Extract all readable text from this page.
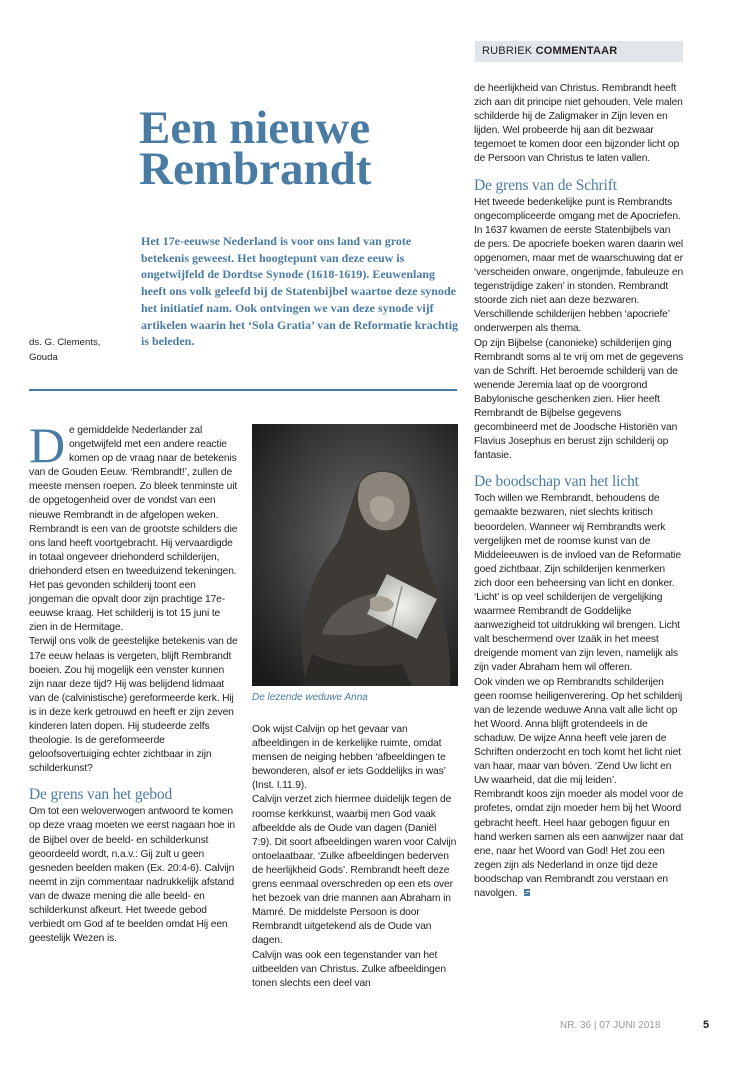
RUBRIEK COMMENTAAR
Een nieuwe
Rembrandt

Het 17e-eeuwse Nederland is voor ons land van grote betekenis geweest. Het hoogtepunt van deze eeuw is ongetwijfeld de Dordtse Synode (1618-1619). Eeuwenlang heeft ons volk geleefd bij de Statenbijbel waartoe deze synode het initiatief nam. Ook ontvingen we van deze synode vijf artikelen waarin het ‘Sola Gratia’ van de Reformatie krachtig is beleden.

ds. G. Clements,
Gouda

De gemiddelde Nederlander zal ongetwijfeld met een andere reactie komen op de vraag naar de betekenis van de Gouden Eeuw. ‘Rembrandt!’, zullen de meeste mensen roepen. Zo bleek tenminste uit de opgetogenheid over de vondst van een nieuwe Rembrandt in de afgelopen weken.

Rembrandt is een van de grootste schilders die ons land heeft voortgebracht. Hij vervaardigde in totaal ongeveer driehonderd schilderijen, driehonderd etsen en tweeduizend tekeningen. Het pas gevonden schilderij toont een jongeman die opvalt door zijn prachtige 17e-eeuwse kraag. Het schilderij is tot 15 juni te zien in de Hermitage.

Terwijl ons volk de geestelijke betekenis van de 17e eeuw helaas is vergeten, blijft Rembrandt boeien. Zou hij mogelijk een venster kunnen zijn naar deze tijd? Hij was belijdend lidmaat van de (calvinistische) gereformeerde kerk. Hij is in deze kerk getrouwd en heeft er zijn zeven kinderen laten dopen. Hij studeerde zelfs theologie. Is de gereformeerde geloofsovertuiging echter zichtbaar in zijn schilderkunst?

De grens van het gebod

Om tot een weloverwogen antwoord te komen op deze vraag moeten we eerst nagaan hoe in de Bijbel over de beeld- en schilderkunst geoordeeld wordt, n.a.v.: Gij zult u geen gesneden beelden maken (Ex. 20:4-6). Calvijn neemt in zijn commentaar nadrukkelijk afstand van de dwaze mening die alle beeld- en schilderkunst afkeurt. Het tweede gebod verbiedt om God af te beelden omdat Hij een geestelijk Wezen is.

De lezende weduwe Anna

Ook wijst Calvijn op het gevaar van afbeeldingen in de kerkelijke ruimte, omdat mensen de neiging hebben ‘afbeeldingen te bewonderen, alsof er iets Goddelijks in was’ (Inst. I.11.9).

Calvijn verzet zich hiermee duidelijk tegen de roomse kerkkunst, waarbij men God vaak afbeeldde als de Oude van dagen (Daniël 7:9). Dit soort afbeeldingen waren voor Calvijn ontoelaatbaar. ‘Zulke afbeeldingen bederven de heerlijkheid Gods’. Rembrandt heeft deze grens eenmaal overschreden op een ets over het bezoek van drie mannen aan Abraham in Mamré. De middelste Persoon is door Rembrandt uitgetekend als de Oude van dagen.

Calvijn was ook een tegenstander van het uitbeelden van Christus. Zulke afbeeldingen tonen slechts een deel van

de heerlijkheid van Christus. Rembrandt heeft zich aan dit principe niet gehouden. Vele malen schilderde hij de Zaligmaker in Zijn leven en lijden. Wel probeerde hij aan dit bezwaar tegemoet te komen door een bijzonder licht op de Persoon van Christus te laten vallen.

De grens van de Schrift

Het tweede bedenkelijke punt is Rembrandts ongecompliceerde omgang met de Apocriefen. In 1637 kwamen de eerste Statenbijbels van de pers. De apocriefe boeken waren daarin wel opgenomen, maar met de waarschuwing dat er ‘verscheiden onware, ongerijmde, fabuleuze en tegenstrijdige zaken’ in stonden. Rembrandt stoorde zich niet aan deze bezwaren. Verschillende schilderijen hebben ‘apocriefe’ onderwerpen als thema.

Op zijn Bijbelse (canonieke) schilderijen ging Rembrandt soms al te vrij om met de gegevens van de Schrift. Het beroemde schilderij van de wenende Jeremia laat op de voorgrond Babylonische geschenken zien. Hier heeft Rembrandt de Bijbelse gegevens gecombineerd met de Joodsche Historiën van Flavius Josephus en berust zijn schilderij op fantasie.

De boodschap van het licht

Toch willen we Rembrandt, behoudens de gemaakte bezwaren, niet slechts kritisch beoordelen. Wanneer wij Rembrandts werk vergelijken met de roomse kunst van de Middeleeuwen is de invloed van de Reformatie goed zichtbaar. Zijn schilderijen kenmerken zich door een beheersing van licht en donker. ‘Licht’ is op veel schilderijen de vergelijking waarmee Rembrandt de Goddelijke aanwezigheid tot uitdrukking wil brengen. Licht valt beschermend over Izaäk in het meest dreigende moment van zijn leven, namelijk als zijn vader Abraham hem wil offeren.

Ook vinden we op Rembrandts schilderijen geen roomse heiligenverering. Op het schilderij van de lezende weduwe Anna valt alle licht op het Woord. Anna blijft grotendeels in de schaduw. De wijze Anna heeft vele jaren de Schriften onderzocht en toch komt het licht niet van haar, maar van bóven. ‘Zend Uw licht en Uw waarheid, dat die mij leiden’.

Rembrandt koos zijn moeder als model voor de profetes, omdat zijn moeder hem bij het Woord gebracht heeft. Heel haar gebogen figuur en hand werken samen als een aanwijzer naar dat ene, naar het Woord van God! Het zou een zegen zijn als Nederland in onze tijd deze boodschap van Rembrandt zou verstaan en navolgen.

NR. 36 | 07 JUNI 2018	5
